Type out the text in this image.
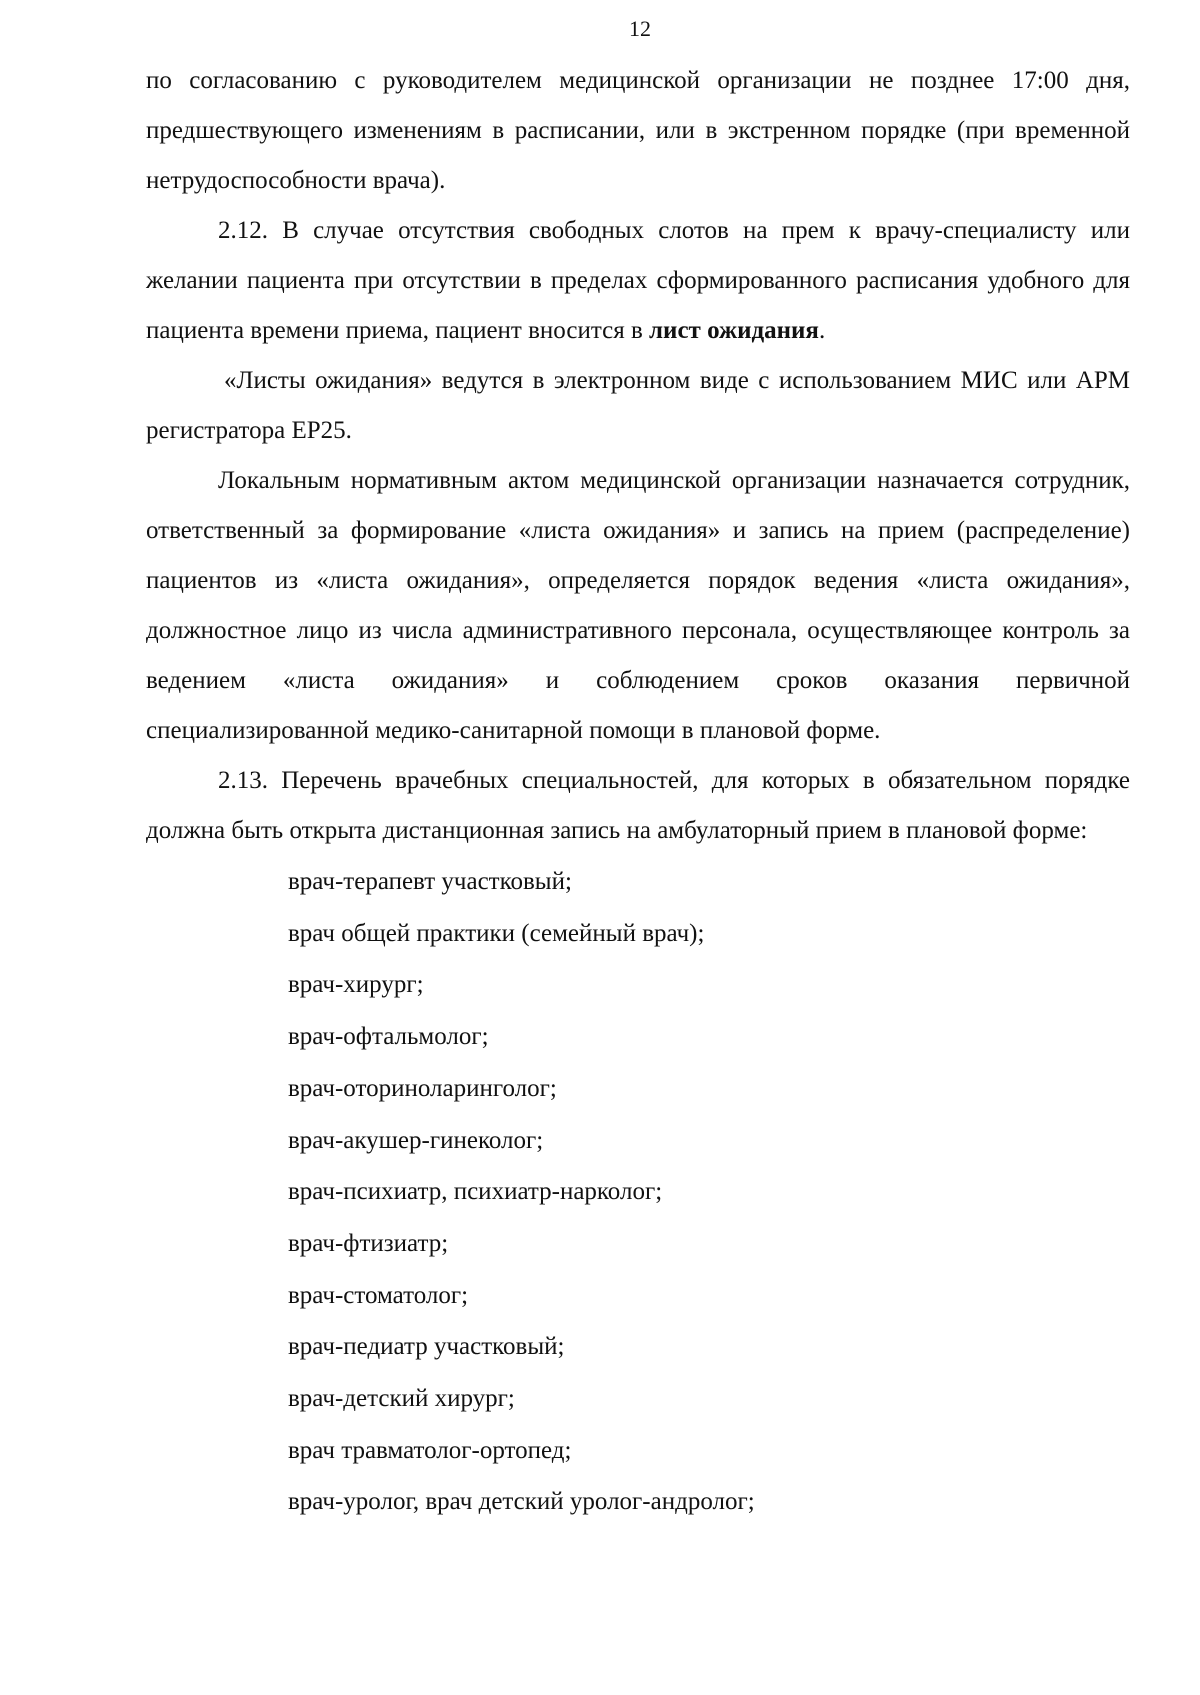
12

по согласованию с руководителем медицинской организации не позднее 17:00 дня, предшествующего изменениям в расписании, или в экстренном порядке (при временной нетрудоспособности врача).

2.12. В случае отсутствия свободных слотов на прем к врачу-специалисту или желании пациента при отсутствии в пределах сформированного расписания удобного для пациента времени приема, пациент вносится в лист ожидания.

«Листы ожидания» ведутся в электронном виде с использованием МИС или АРМ регистратора ЕР25.

Локальным нормативным актом медицинской организации назначается сотрудник, ответственный за формирование «листа ожидания» и запись на прием (распределение) пациентов из «листа ожидания», определяется порядок ведения «листа ожидания», должностное лицо из числа административного персонала, осуществляющее контроль за ведением «листа ожидания» и соблюдением сроков оказания первичной специализированной медико-санитарной помощи в плановой форме.

2.13. Перечень врачебных специальностей, для которых в обязательном порядке должна быть открыта дистанционная запись на амбулаторный прием в плановой форме:

врач-терапевт участковый;
врач общей практики (семейный врач);
врач-хирург;
врач-офтальмолог;
врач-оториноларинголог;
врач-акушер-гинеколог;
врач-психиатр, психиатр-нарколог;
врач-фтизиатр;
врач-стоматолог;
врач-педиатр участковый;
врач-детский хирург;
врач травматолог-ортопед;
врач-уролог, врач детский уролог-андролог;
